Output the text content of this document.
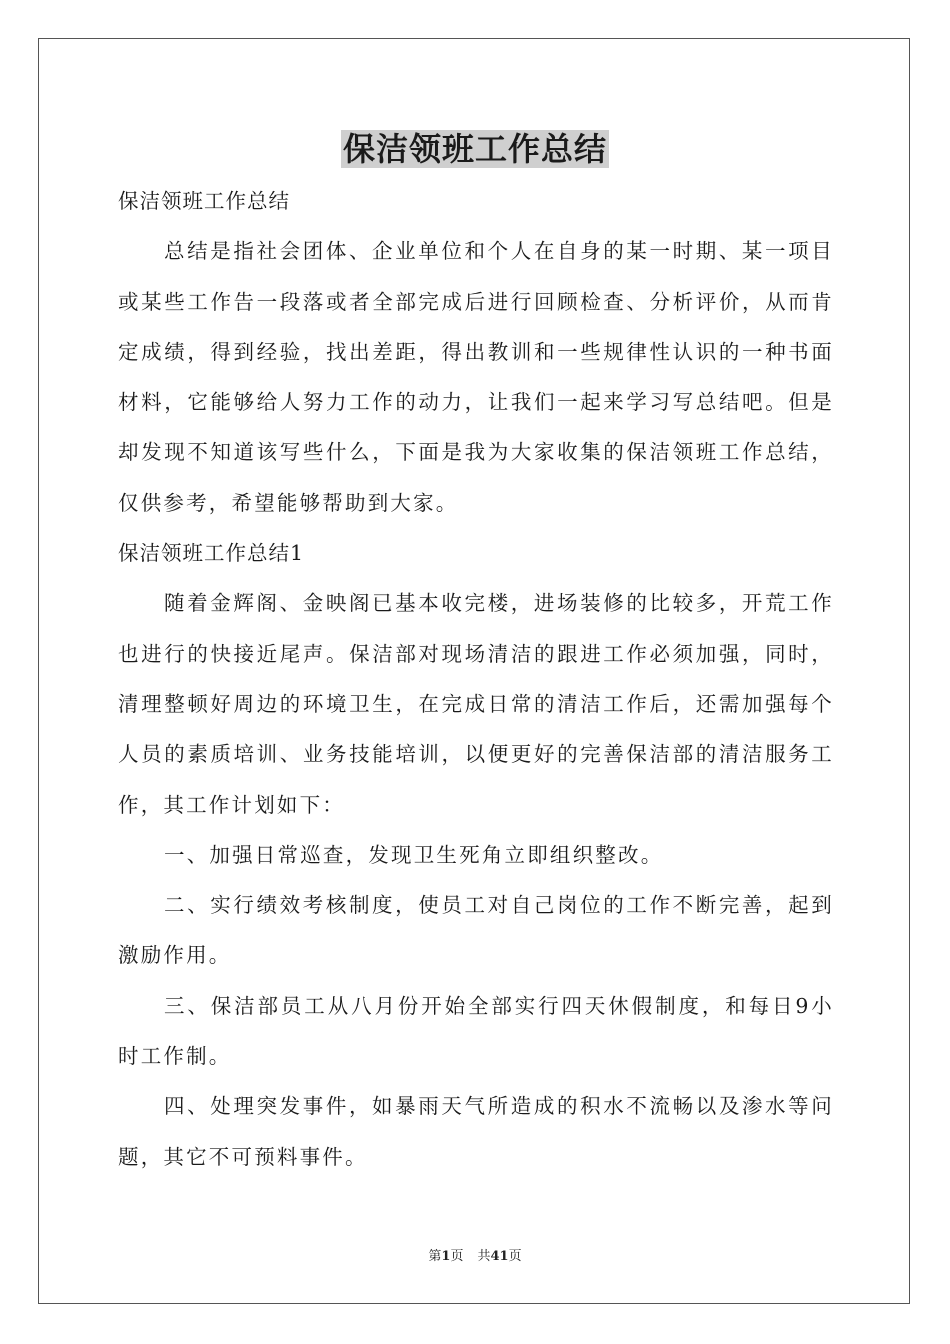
保洁领班工作总结

保洁领班工作总结

总结是指社会团体、企业单位和个人在自身的某一时期、某一项目或某些工作告一段落或者全部完成后进行回顾检查、分析评价，从而肯定成绩，得到经验，找出差距，得出教训和一些规律性认识的一种书面材料，它能够给人努力工作的动力，让我们一起来学习写总结吧。但是却发现不知道该写些什么，下面是我为大家收集的保洁领班工作总结，仅供参考，希望能够帮助到大家。

保洁领班工作总结1

随着金辉阁、金映阁已基本收完楼，进场装修的比较多，开荒工作也进行的快接近尾声。保洁部对现场清洁的跟进工作必须加强，同时，清理整顿好周边的环境卫生，在完成日常的清洁工作后，还需加强每个人员的素质培训、业务技能培训，以便更好的完善保洁部的清洁服务工作，其工作计划如下：

一、加强日常巡查，发现卫生死角立即组织整改。

二、实行绩效考核制度，使员工对自己岗位的工作不断完善，起到激励作用。

三、保洁部员工从八月份开始全部实行四天休假制度，和每日9小时工作制。

四、处理突发事件，如暴雨天气所造成的积水不流畅以及渗水等问题，其它不可预料事件。

第1页 共41页
